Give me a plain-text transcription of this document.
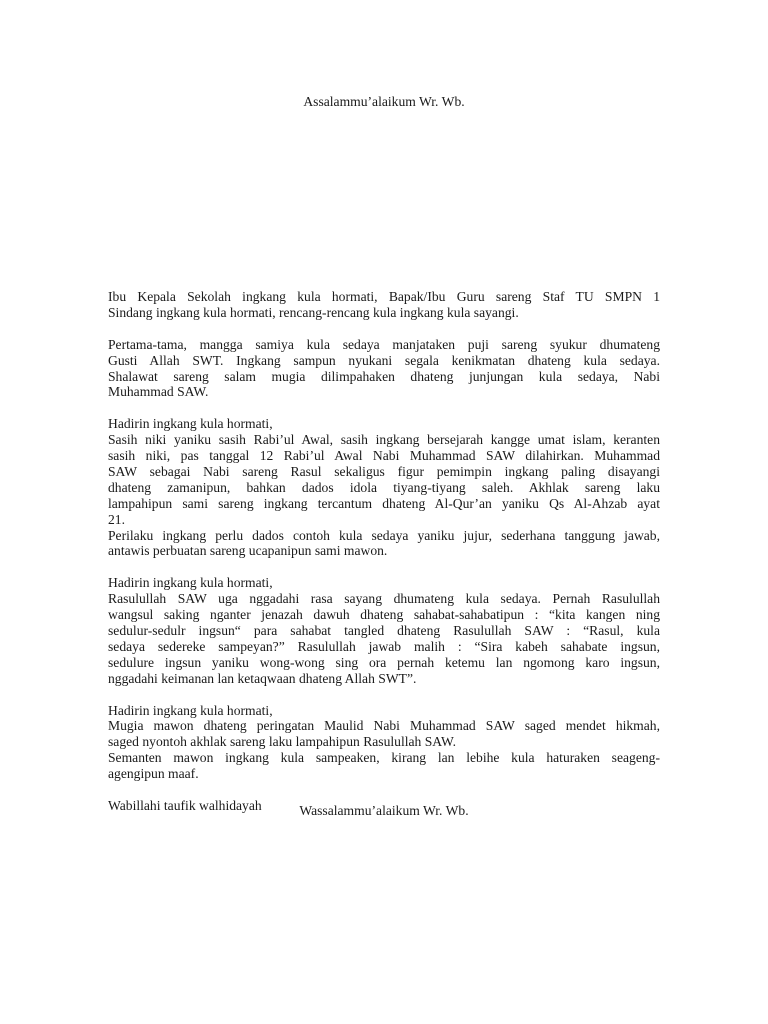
Assalammu’alaikum Wr. Wb.
Ibu Kepala Sekolah ingkang kula hormati, Bapak/Ibu Guru sareng Staf TU SMPN 1
Sindang ingkang kula hormati, rencang-rencang kula ingkang kula sayangi.
Pertama-tama, mangga samiya kula sedaya manjataken puji sareng syukur dhumateng
Gusti Allah SWT. Ingkang sampun nyukani segala kenikmatan dhateng kula sedaya.
Shalawat sareng salam mugia dilimpahaken dhateng junjungan kula sedaya, Nabi
Muhammad SAW.
Hadirin ingkang kula hormati,
Sasih niki yaniku sasih Rabi’ul Awal, sasih ingkang bersejarah kangge umat islam, keranten
sasih niki, pas tanggal 12 Rabi’ul Awal Nabi Muhammad SAW dilahirkan. Muhammad
SAW sebagai Nabi sareng Rasul sekaligus figur pemimpin ingkang paling disayangi
dhateng zamanipun, bahkan dados idola tiyang-tiyang saleh. Akhlak sareng laku
lampahipun sami sareng ingkang tercantum dhateng Al-Qur’an yaniku Qs Al-Ahzab ayat
21.
Perilaku ingkang perlu dados contoh kula sedaya yaniku jujur, sederhana tanggung jawab,
antawis perbuatan sareng ucapanipun sami mawon.
Hadirin ingkang kula hormati,
Rasulullah SAW uga nggadahi rasa sayang dhumateng kula sedaya. Pernah Rasulullah
wangsul saking nganter jenazah dawuh dhateng sahabat-sahabatipun : “kita kangen ning
sedulur-sedulr ingsun“ para sahabat tangled dhateng Rasulullah SAW : “Rasul, kula
sedaya sedereke sampeyan?” Rasulullah jawab malih : “Sira kabeh sahabate ingsun,
sedulure ingsun yaniku wong-wong sing ora pernah ketemu lan ngomong karo ingsun,
nggadahi keimanan lan ketaqwaan dhateng Allah SWT”.
Hadirin ingkang kula hormati,
Mugia mawon dhateng peringatan Maulid Nabi Muhammad SAW saged mendet hikmah,
saged nyontoh akhlak sareng laku lampahipun Rasulullah SAW.
Semanten mawon ingkang kula sampeaken, kirang lan lebihe kula haturaken seageng-
agengipun maaf.
Wabillahi taufik walhidayah	Wassalammu’alaikum Wr. Wb.
